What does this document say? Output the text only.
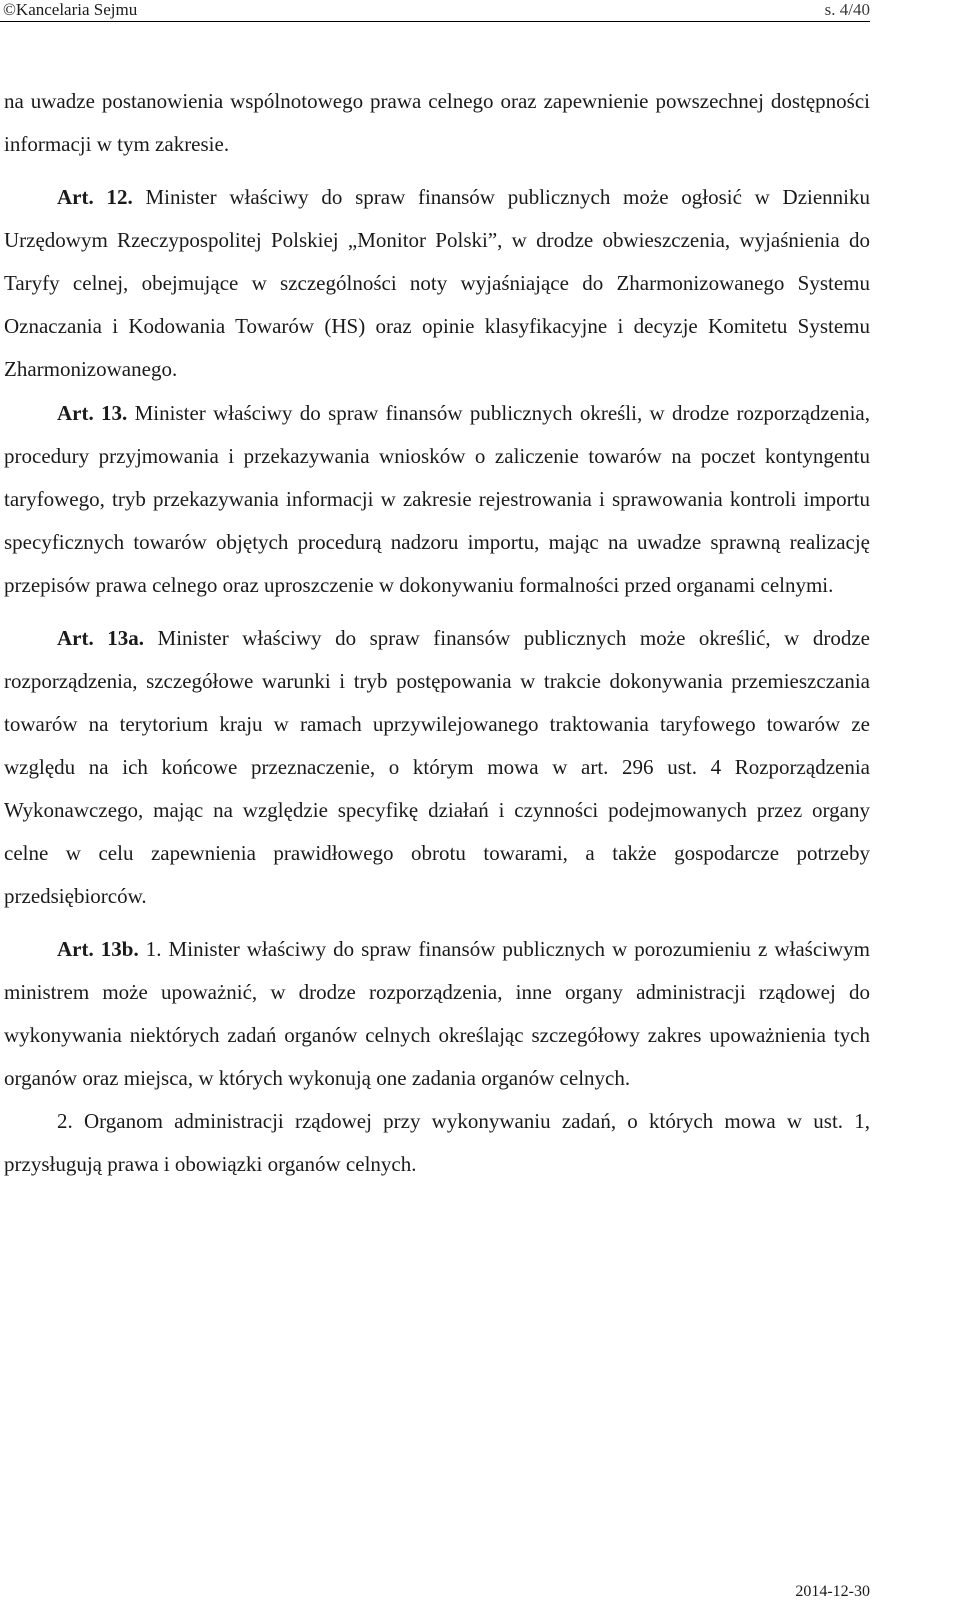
©Kancelaria Sejmu	s. 4/40

na uwadze postanowienia wspólnotowego prawa celnego oraz zapewnienie powszechnej dostępności informacji w tym zakresie.

Art. 12. Minister właściwy do spraw finansów publicznych może ogłosić w Dzienniku Urzędowym Rzeczypospolitej Polskiej „Monitor Polski”, w drodze obwieszczenia, wyjaśnienia do Taryfy celnej, obejmujące w szczególności noty wyjaśniające do Zharmonizowanego Systemu Oznaczania i Kodowania Towarów (HS) oraz opinie klasyfikacyjne i decyzje Komitetu Systemu Zharmonizowanego.

Art. 13. Minister właściwy do spraw finansów publicznych określi, w drodze rozporządzenia, procedury przyjmowania i przekazywania wniosków o zaliczenie towarów na poczet kontyngentu taryfowego, tryb przekazywania informacji w zakresie rejestrowania i sprawowania kontroli importu specyficznych towarów objętych procedurą nadzoru importu, mając na uwadze sprawną realizację przepisów prawa celnego oraz uproszczenie w dokonywaniu formalności przed organami celnymi.

Art. 13a. Minister właściwy do spraw finansów publicznych może określić, w drodze rozporządzenia, szczegółowe warunki i tryb postępowania w trakcie dokonywania przemieszczania towarów na terytorium kraju w ramach uprzywilejowanego traktowania taryfowego towarów ze względu na ich końcowe przeznaczenie, o którym mowa w art. 296 ust. 4 Rozporządzenia Wykonawczego, mając na względzie specyfikę działań i czynności podejmowanych przez organy celne w celu zapewnienia prawidłowego obrotu towarami, a także gospodarcze potrzeby przedsiębiorców.

Art. 13b. 1. Minister właściwy do spraw finansów publicznych w porozumieniu z właściwym ministrem może upoważnić, w drodze rozporządzenia, inne organy administracji rządowej do wykonywania niektórych zadań organów celnych określając szczegółowy zakres upoważnienia tych organów oraz miejsca, w których wykonują one zadania organów celnych.

2. Organom administracji rządowej przy wykonywaniu zadań, o których mowa w ust. 1, przysługują prawa i obowiązki organów celnych.

2014-12-30
